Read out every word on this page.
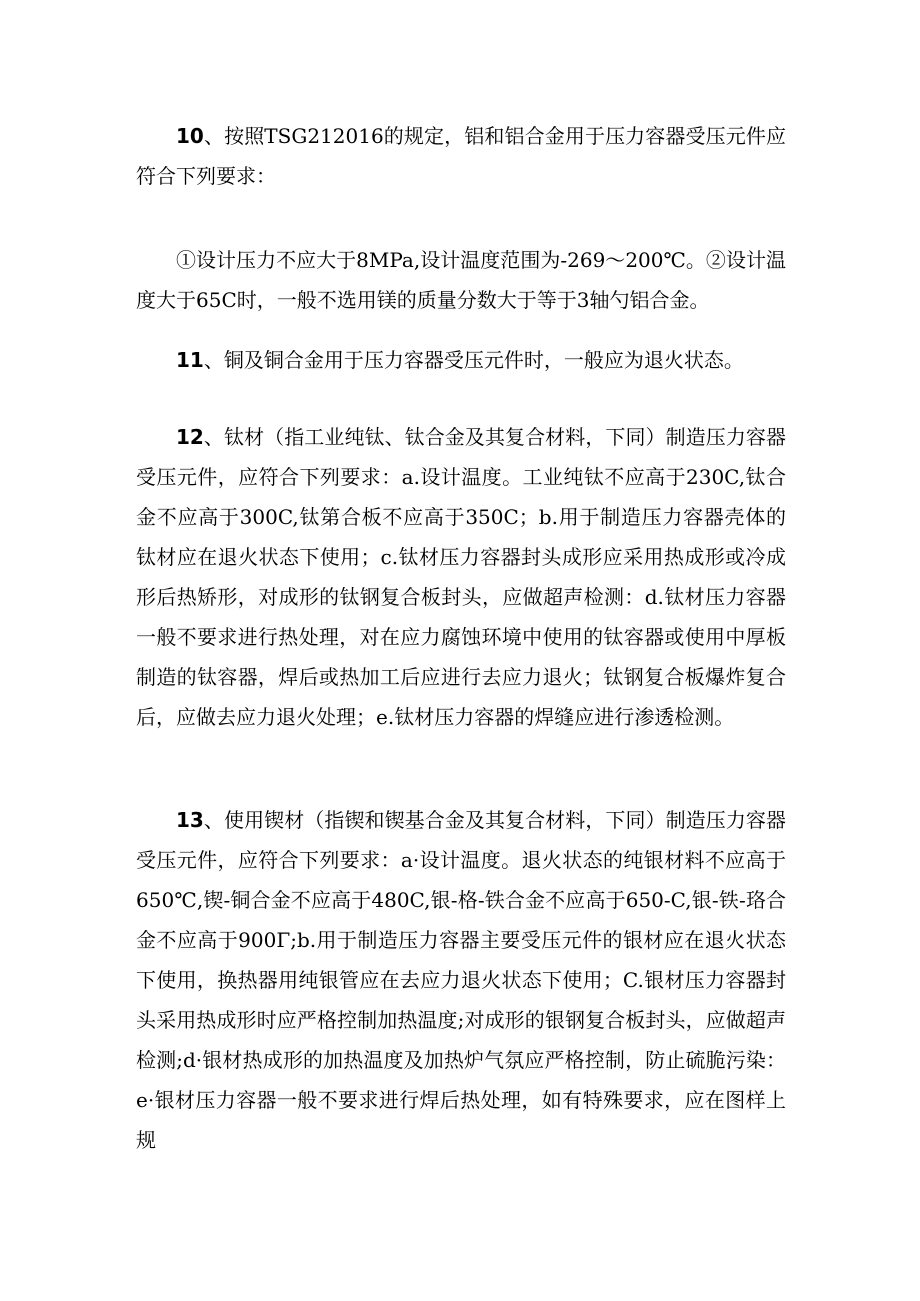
10、按照TSG212016的规定，铝和铝合金用于压力容器受压元件应符合下列要求：

①设计压力不应大于8MPa,设计温度范围为-269～200℃。②设计温度大于65C时，一般不选用镁的质量分数大于等于3轴勺铝合金。

11、铜及铜合金用于压力容器受压元件时，一般应为退火状态。

12、钛材（指工业纯钛、钛合金及其复合材料，下同）制造压力容器受压元件，应符合下列要求：a.设计温度。工业纯钛不应高于230C,钛合金不应高于300C,钛第合板不应高于350C；b.用于制造压力容器壳体的钛材应在退火状态下使用；c.钛材压力容器封头成形应采用热成形或冷成形后热矫形，对成形的钛钢复合板封头，应做超声检测：d.钛材压力容器一般不要求进行热处理，对在应力腐蚀环境中使用的钛容器或使用中厚板制造的钛容器，焊后或热加工后应进行去应力退火；钛钢复合板爆炸复合后，应做去应力退火处理；e.钛材压力容器的焊缝应进行渗透检测。

13、使用锲材（指锲和锲基合金及其复合材料，下同）制造压力容器受压元件，应符合下列要求：a·设计温度。退火状态的纯银材料不应高于650℃,锲-铜合金不应高于480C,银-格-铁合金不应高于650-C,银-铁-珞合金不应高于900Γ;b.用于制造压力容器主要受压元件的银材应在退火状态下使用，换热器用纯银管应在去应力退火状态下使用；C.银材压力容器封头采用热成形时应严格控制加热温度;对成形的银钢复合板封头，应做超声检测;d·银材热成形的加热温度及加热炉气氛应严格控制，防止硫脆污染：e·银材压力容器一般不要求进行焊后热处理，如有特殊要求，应在图样上规
